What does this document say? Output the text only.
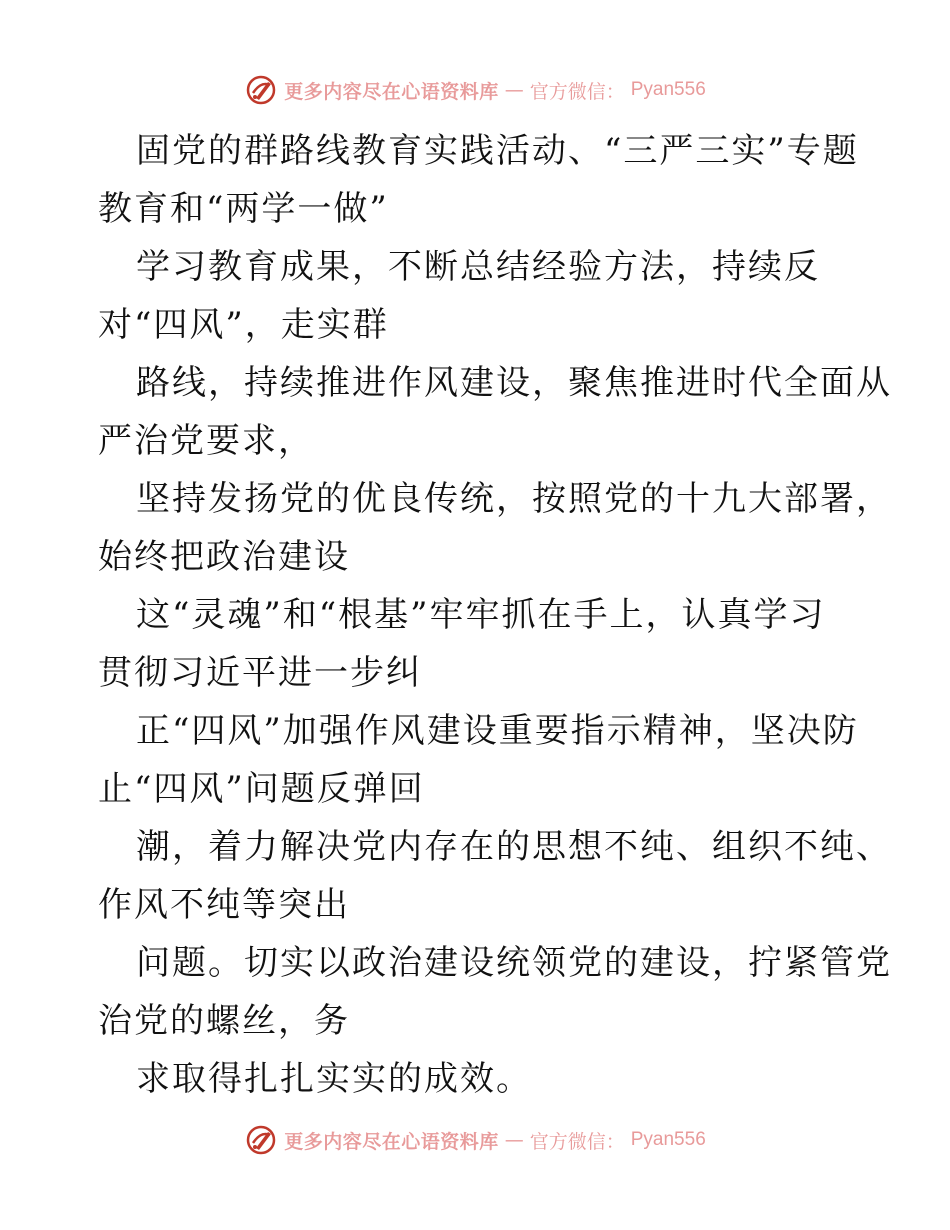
更多内容尽在心语资料库 — 官方微信： Pyan556
固党的群路线教育实践活动、“三严三实”专题
教育和“两学一做”
学习教育成果，不断总结经验方法，持续反
对“四风”，走实群
路线，持续推进作风建设，聚焦推进时代全面从
严治党要求，
坚持发扬党的优良传统，按照党的十九大部署，
始终把政治建设
这“灵魂”和“根基”牢牢抓在手上，认真学习
贯彻习近平进一步纠
正“四风”加强作风建设重要指示精神，坚决防
止“四风”问题反弹回
潮，着力解决党内存在的思想不纯、组织不纯、
作风不纯等突出
问题。切实以政治建设统领党的建设，拧紧管党
治党的螺丝，务
求取得扎扎实实的成效。
更多内容尽在心语资料库 — 官方微信： Pyan556
